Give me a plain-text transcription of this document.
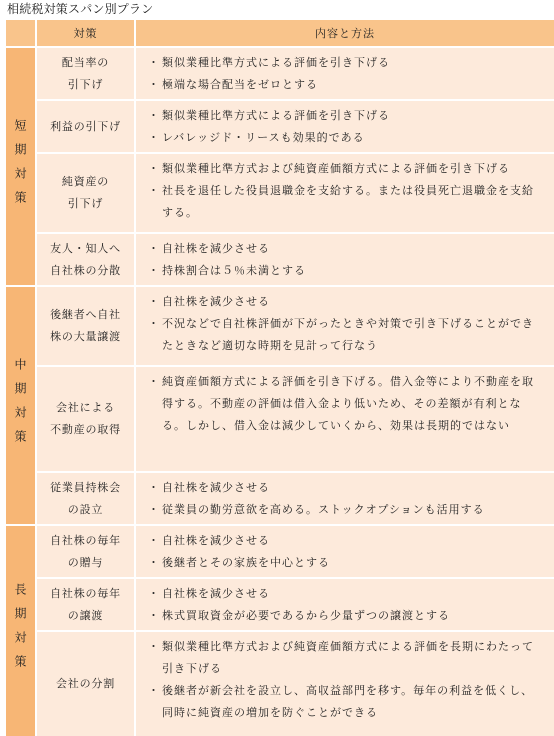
相続税対策スパン別プラン
対策	内容と方法
短期対策
配当率の
引下げ
・ 類似業種比準方式による評価を引き下げる
・ 極端な場合配当をゼロとする
利益の引下げ
・ 類似業種比準方式による評価を引き下げる
・ レバレッジド・リースも効果的である
純資産の
引下げ
・ 類似業種比準方式および純資産価額方式による評価を引き下げる
・ 社長を退任した役員退職金を支給する。または役員死亡退職金を支給する。
友人・知人へ
自社株の分散
・ 自社株を減少させる
・ 持株割合は５％未満とする
中期対策
後継者へ自社
株の大量譲渡
・ 自社株を減少させる
・ 不況などで自社株評価が下がったときや対策で引き下げることができたときなど適切な時期を見計って行なう
会社による
不動産の取得
・ 純資産価額方式による評価を引き下げる。借入金等により不動産を取得する。不動産の評価は借入金より低いため、その差額が有利となる。しかし、借入金は減少していくから、効果は長期的ではない
従業員持株会
の設立
・ 自社株を減少させる
・ 従業員の勤労意欲を高める。ストックオプションも活用する
長期対策
自社株の毎年
の贈与
・ 自社株を減少させる
・ 後継者とその家族を中心とする
自社株の毎年
の譲渡
・ 自社株を減少させる
・ 株式買取資金が必要であるから少量ずつの譲渡とする
会社の分割
・ 類似業種比準方式および純資産価額方式による評価を長期にわたって引き下げる
・ 後継者が新会社を設立し、高収益部門を移す。毎年の利益を低くし、同時に純資産の増加を防ぐことができる
